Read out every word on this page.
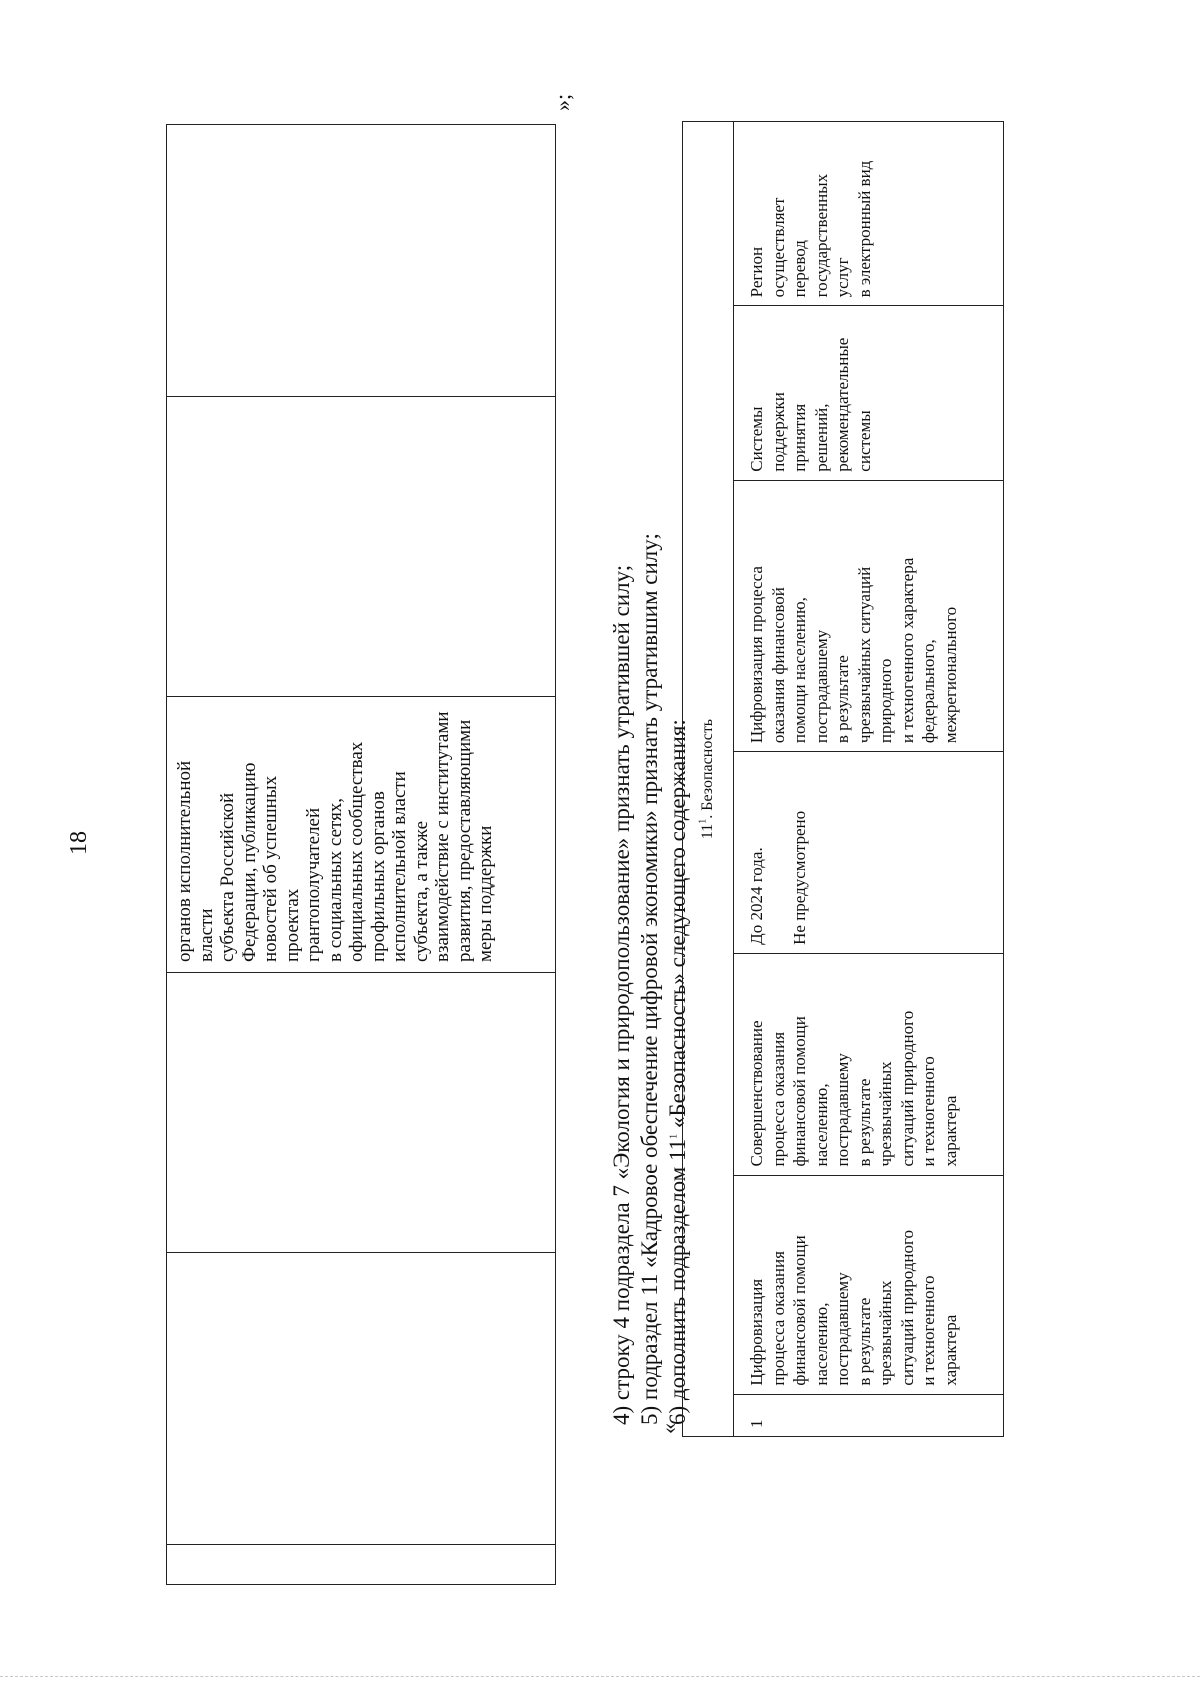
18
			органов исполнительной власти
субъекта Российской
Федерации, публикацию
новостей об успешных проектах
грантополучателей
в социальных сетях,
официальных сообществах
профильных органов
исполнительной власти
субъекта, а также
взаимодействие с институтами
развития, предоставляющими
меры поддержки		
»;
4) строку 4 подраздела 7 «Экология и природопользование» признать утратившей силу; 5) подраздел 11 «Кадровое обеспечение цифровой экономики» признать утратившим силу; 6) дополнить подразделом $11^1$ «Безопасность» следующего содержания:
«
$11^1$. Безопасность
1	Цифровизация
процесса оказания
финансовой помощи
населению,
пострадавшему
в результате
чрезвычайных
ситуаций природного
и техногенного
характера	Совершенствование
процесса оказания
финансовой помощи
населению,
пострадавшему
в результате
чрезвычайных
ситуаций природного
и техногенного
характера	До 2024 года.

Не предусмотрено	Цифровизация процесса
оказания финансовой
помощи населению,
пострадавшему
в результате
чрезвычайных ситуаций
природного
и техногенного характера
федерального,
межрегионального	Системы
поддержки
принятия
решений,
рекомендательные
системы	Регион
осуществляет
перевод
государственных
услуг
в электронный вид
